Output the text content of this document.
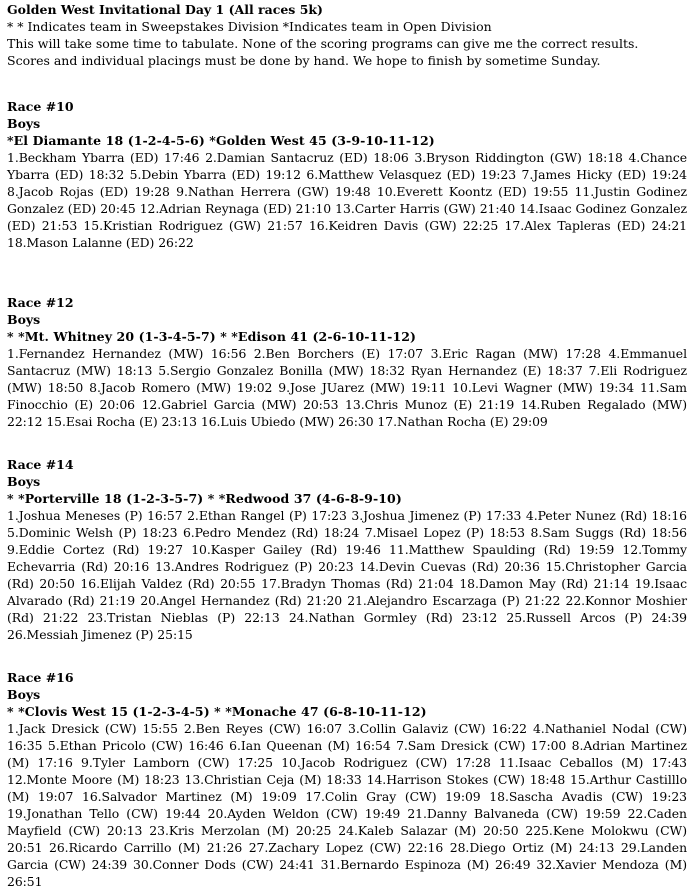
Golden West Invitational Day 1 (All races 5k)

* * Indicates team in Sweepstakes Division *Indicates team in Open Division

This will take some time to tabulate. None of the scoring programs can give me the correct results.

Scores and individual placings must be done by hand. We hope to finish by sometime Sunday.

Race #10

Boys

*El Diamante 18 (1-2-4-5-6) *Golden West 45 (3-9-10-11-12)

1.Beckham Ybarra (ED) 17:46 2.Damian Santacruz (ED) 18:06 3.Bryson Riddington (GW) 18:18 4.Chance Ybarra (ED) 18:32 5.Debin Ybarra (ED) 19:12 6.Matthew Velasquez (ED) 19:23 7.James Hicky (ED) 19:24 8.Jacob Rojas (ED) 19:28 9.Nathan Herrera (GW) 19:48 10.Everett Koontz (ED) 19:55 11.Justin Godinez Gonzalez (ED) 20:45 12.Adrian Reynaga (ED) 21:10 13.Carter Harris (GW) 21:40 14.Isaac Godinez Gonzalez (ED) 21:53 15.Kristian Rodriguez (GW) 21:57 16.Keidren Davis (GW) 22:25 17.Alex Tapleras (ED) 24:21 18.Mason Lalanne (ED) 26:22

Race #12

Boys

* *Mt. Whitney 20 (1-3-4-5-7) * *Edison 41 (2-6-10-11-12)

1.Fernandez Hernandez (MW) 16:56 2.Ben Borchers (E) 17:07 3.Eric Ragan (MW) 17:28 4.Emmanuel Santacruz (MW) 18:13 5.Sergio Gonzalez Bonilla (MW) 18:32 Ryan Hernandez (E) 18:37 7.Eli Rodriguez (MW) 18:50 8.Jacob Romero (MW) 19:02 9.Jose JUarez (MW) 19:11 10.Levi Wagner (MW) 19:34 11.Sam Finocchio (E) 20:06 12.Gabriel Garcia (MW) 20:53 13.Chris Munoz (E) 21:19 14.Ruben Regalado (MW) 22:12 15.Esai Rocha (E) 23:13 16.Luis Ubiedo (MW) 26:30 17.Nathan Rocha (E) 29:09

Race #14

Boys

* *Porterville 18 (1-2-3-5-7) * *Redwood 37 (4-6-8-9-10)

1.Joshua Meneses (P) 16:57 2.Ethan Rangel (P) 17:23 3.Joshua Jimenez (P) 17:33 4.Peter Nunez (Rd) 18:16 5.Dominic Welsh (P) 18:23 6.Pedro Mendez (Rd) 18:24 7.Misael Lopez (P) 18:53 8.Sam Suggs (Rd) 18:56 9.Eddie Cortez (Rd) 19:27 10.Kasper Gailey (Rd) 19:46 11.Matthew Spaulding (Rd) 19:59 12.Tommy Echevarria (Rd) 20:16 13.Andres Rodriguez (P) 20:23 14.Devin Cuevas (Rd) 20:36 15.Christopher Garcia (Rd) 20:50 16.Elijah Valdez (Rd) 20:55 17.Bradyn Thomas (Rd) 21:04 18.Damon May (Rd) 21:14 19.Isaac Alvarado (Rd) 21:19 20.Angel Hernandez (Rd) 21:20 21.Alejandro Escarzaga (P) 21:22 22.Konnor Moshier (Rd) 21:22 23.Tristan Nieblas (P) 22:13 24.Nathan Gormley (Rd) 23:12 25.Russell Arcos (P) 24:39 26.Messiah Jimenez (P) 25:15

Race #16

Boys

* *Clovis West 15 (1-2-3-4-5) * *Monache 47 (6-8-10-11-12)

1.Jack Dresick (CW) 15:55 2.Ben Reyes (CW) 16:07 3.Collin Galaviz (CW) 16:22 4.Nathaniel Nodal (CW) 16:35 5.Ethan Pricolo (CW) 16:46 6.Ian Queenan (M) 16:54 7.Sam Dresick (CW) 17:00 8.Adrian Martinez (M) 17:16 9.Tyler Lamborn (CW) 17:25 10.Jacob Rodriguez (CW) 17:28 11.Isaac Ceballos (M) 17:43 12.Monte Moore (M) 18:23 13.Christian Ceja (M) 18:33 14.Harrison Stokes (CW) 18:48 15.Arthur Castilllo (M) 19:07 16.Salvador Martinez (M) 19:09 17.Colin Gray (CW) 19:09 18.Sascha Avadis (CW) 19:23 19.Jonathan Tello (CW) 19:44 20.Ayden Weldon (CW) 19:49 21.Danny Balvaneda (CW) 19:59 22.Caden Mayfield (CW) 20:13 23.Kris Merzolan (M) 20:25 24.Kaleb Salazar (M) 20:50 225.Kene Molokwu (CW) 20:51 26.Ricardo Carrillo (M) 21:26 27.Zachary Lopez (CW) 22:16 28.Diego Ortiz (M) 24:13 29.Landen Garcia (CW) 24:39 30.Conner Dods (CW) 24:41 31.Bernardo Espinoza (M) 26:49 32.Xavier Mendoza (M) 26:51
